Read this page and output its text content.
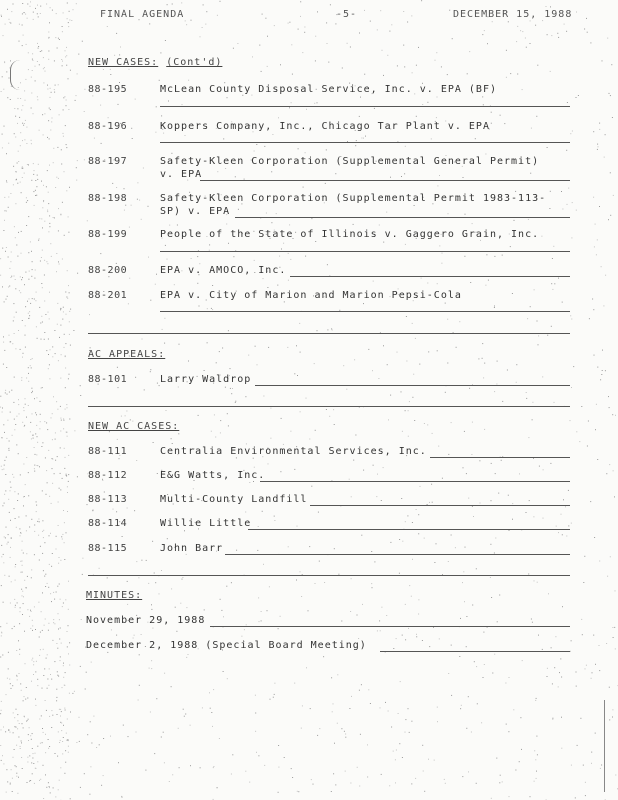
FINAL AGENDA	-5-	DECEMBER 15, 1988
NEW CASES: (Cont'd)
88-195	McLean County Disposal Service, Inc. v. EPA (BF)
88-196	Koppers Company, Inc., Chicago Tar Plant v. EPA
88-197	Safety-Kleen Corporation (Supplemental General Permit)
v. EPA
88-198	Safety-Kleen Corporation (Supplemental Permit 1983-113-
SP) v. EPA
88-199	People of the State of Illinois v. Gaggero Grain, Inc.
88-200	EPA v. AMOCO, Inc.
88-201	EPA v. City of Marion and Marion Pepsi-Cola
AC APPEALS:
88-101	Larry Waldrop
NEW AC CASES:
88-111	Centralia Environmental Services, Inc.
88-112	E&G Watts, Inc.
88-113	Multi-County Landfill
88-114	Willie Little
88-115	John Barr
MINUTES:
November 29, 1988
December 2, 1988 (Special Board Meeting)
